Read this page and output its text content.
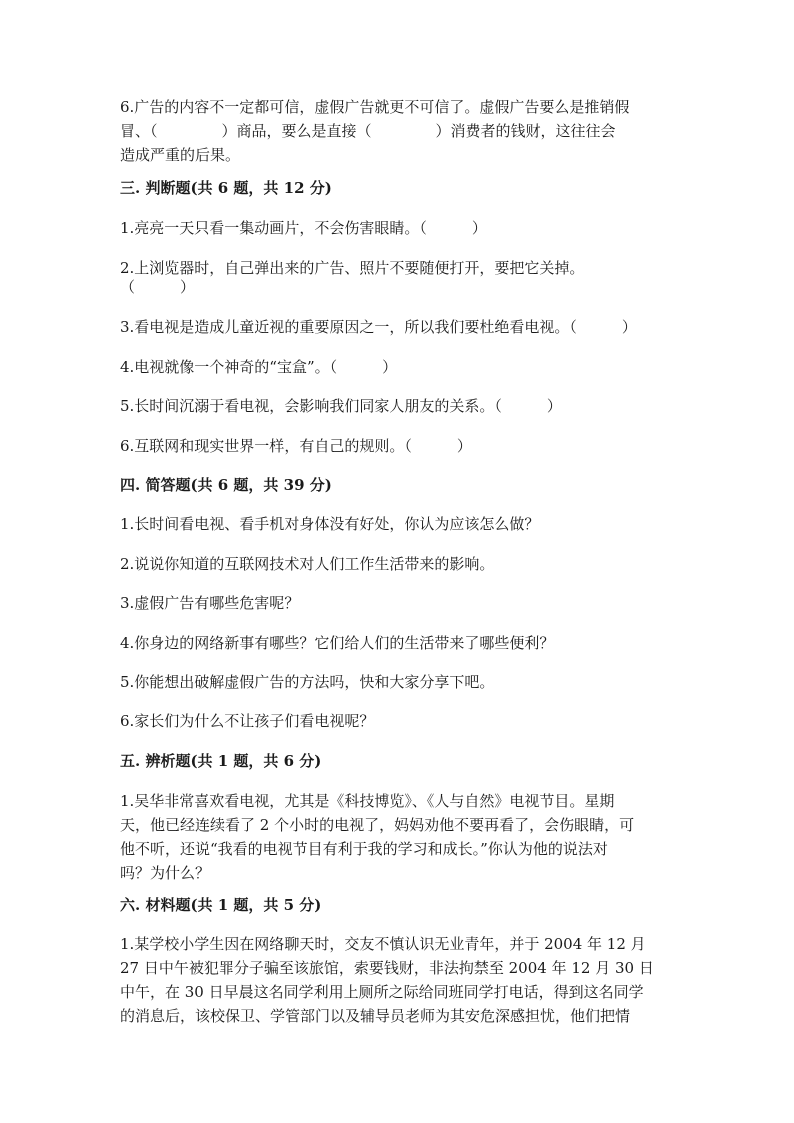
6.广告的内容不一定都可信，虚假广告就更不可信了。虚假广告要么是推销假

冒、（	）商品，要么是直接（	）消费者的钱财，这往往会

造成严重的后果。

三. 判断题(共 6 题，共 12 分)

1.亮亮一天只看一集动画片，不会伤害眼睛。（　　　）

2.上浏览器时，自己弹出来的广告、照片不要随便打开，要把它关掉。

（　　　）

3.看电视是造成儿童近视的重要原因之一，所以我们要杜绝看电视。（　　　）

4.电视就像一个神奇的“宝盒”。（　　　）

5.长时间沉溺于看电视，会影响我们同家人朋友的关系。（　　　）

6.互联网和现实世界一样，有自己的规则。（　　　）

四. 简答题(共 6 题，共 39 分)

1.长时间看电视、看手机对身体没有好处，你认为应该怎么做？

2.说说你知道的互联网技术对人们工作生活带来的影响。

3.虚假广告有哪些危害呢？

4.你身边的网络新事有哪些？它们给人们的生活带来了哪些便利？

5.你能想出破解虚假广告的方法吗，快和大家分享下吧。

6.家长们为什么不让孩子们看电视呢？

五. 辨析题(共 1 题，共 6 分)

1.吴华非常喜欢看电视，尤其是《科技博览》、《人与自然》电视节目。星期

天，他已经连续看了 2 个小时的电视了，妈妈劝他不要再看了，会伤眼睛，可

他不听，还说“我看的电视节目有利于我的学习和成长。”你认为他的说法对

吗？为什么？

六. 材料题(共 1 题，共 5 分)

1.某学校小学生因在网络聊天时，交友不慎认识无业青年，并于 2004 年 12 月

27 日中午被犯罪分子骗至该旅馆，索要钱财，非法拘禁至 2004 年 12 月 30 日

中午，在 30 日早晨这名同学利用上厕所之际给同班同学打电话，得到这名同学

的消息后，该校保卫、学管部门以及辅导员老师为其安危深感担忧，他们把情
